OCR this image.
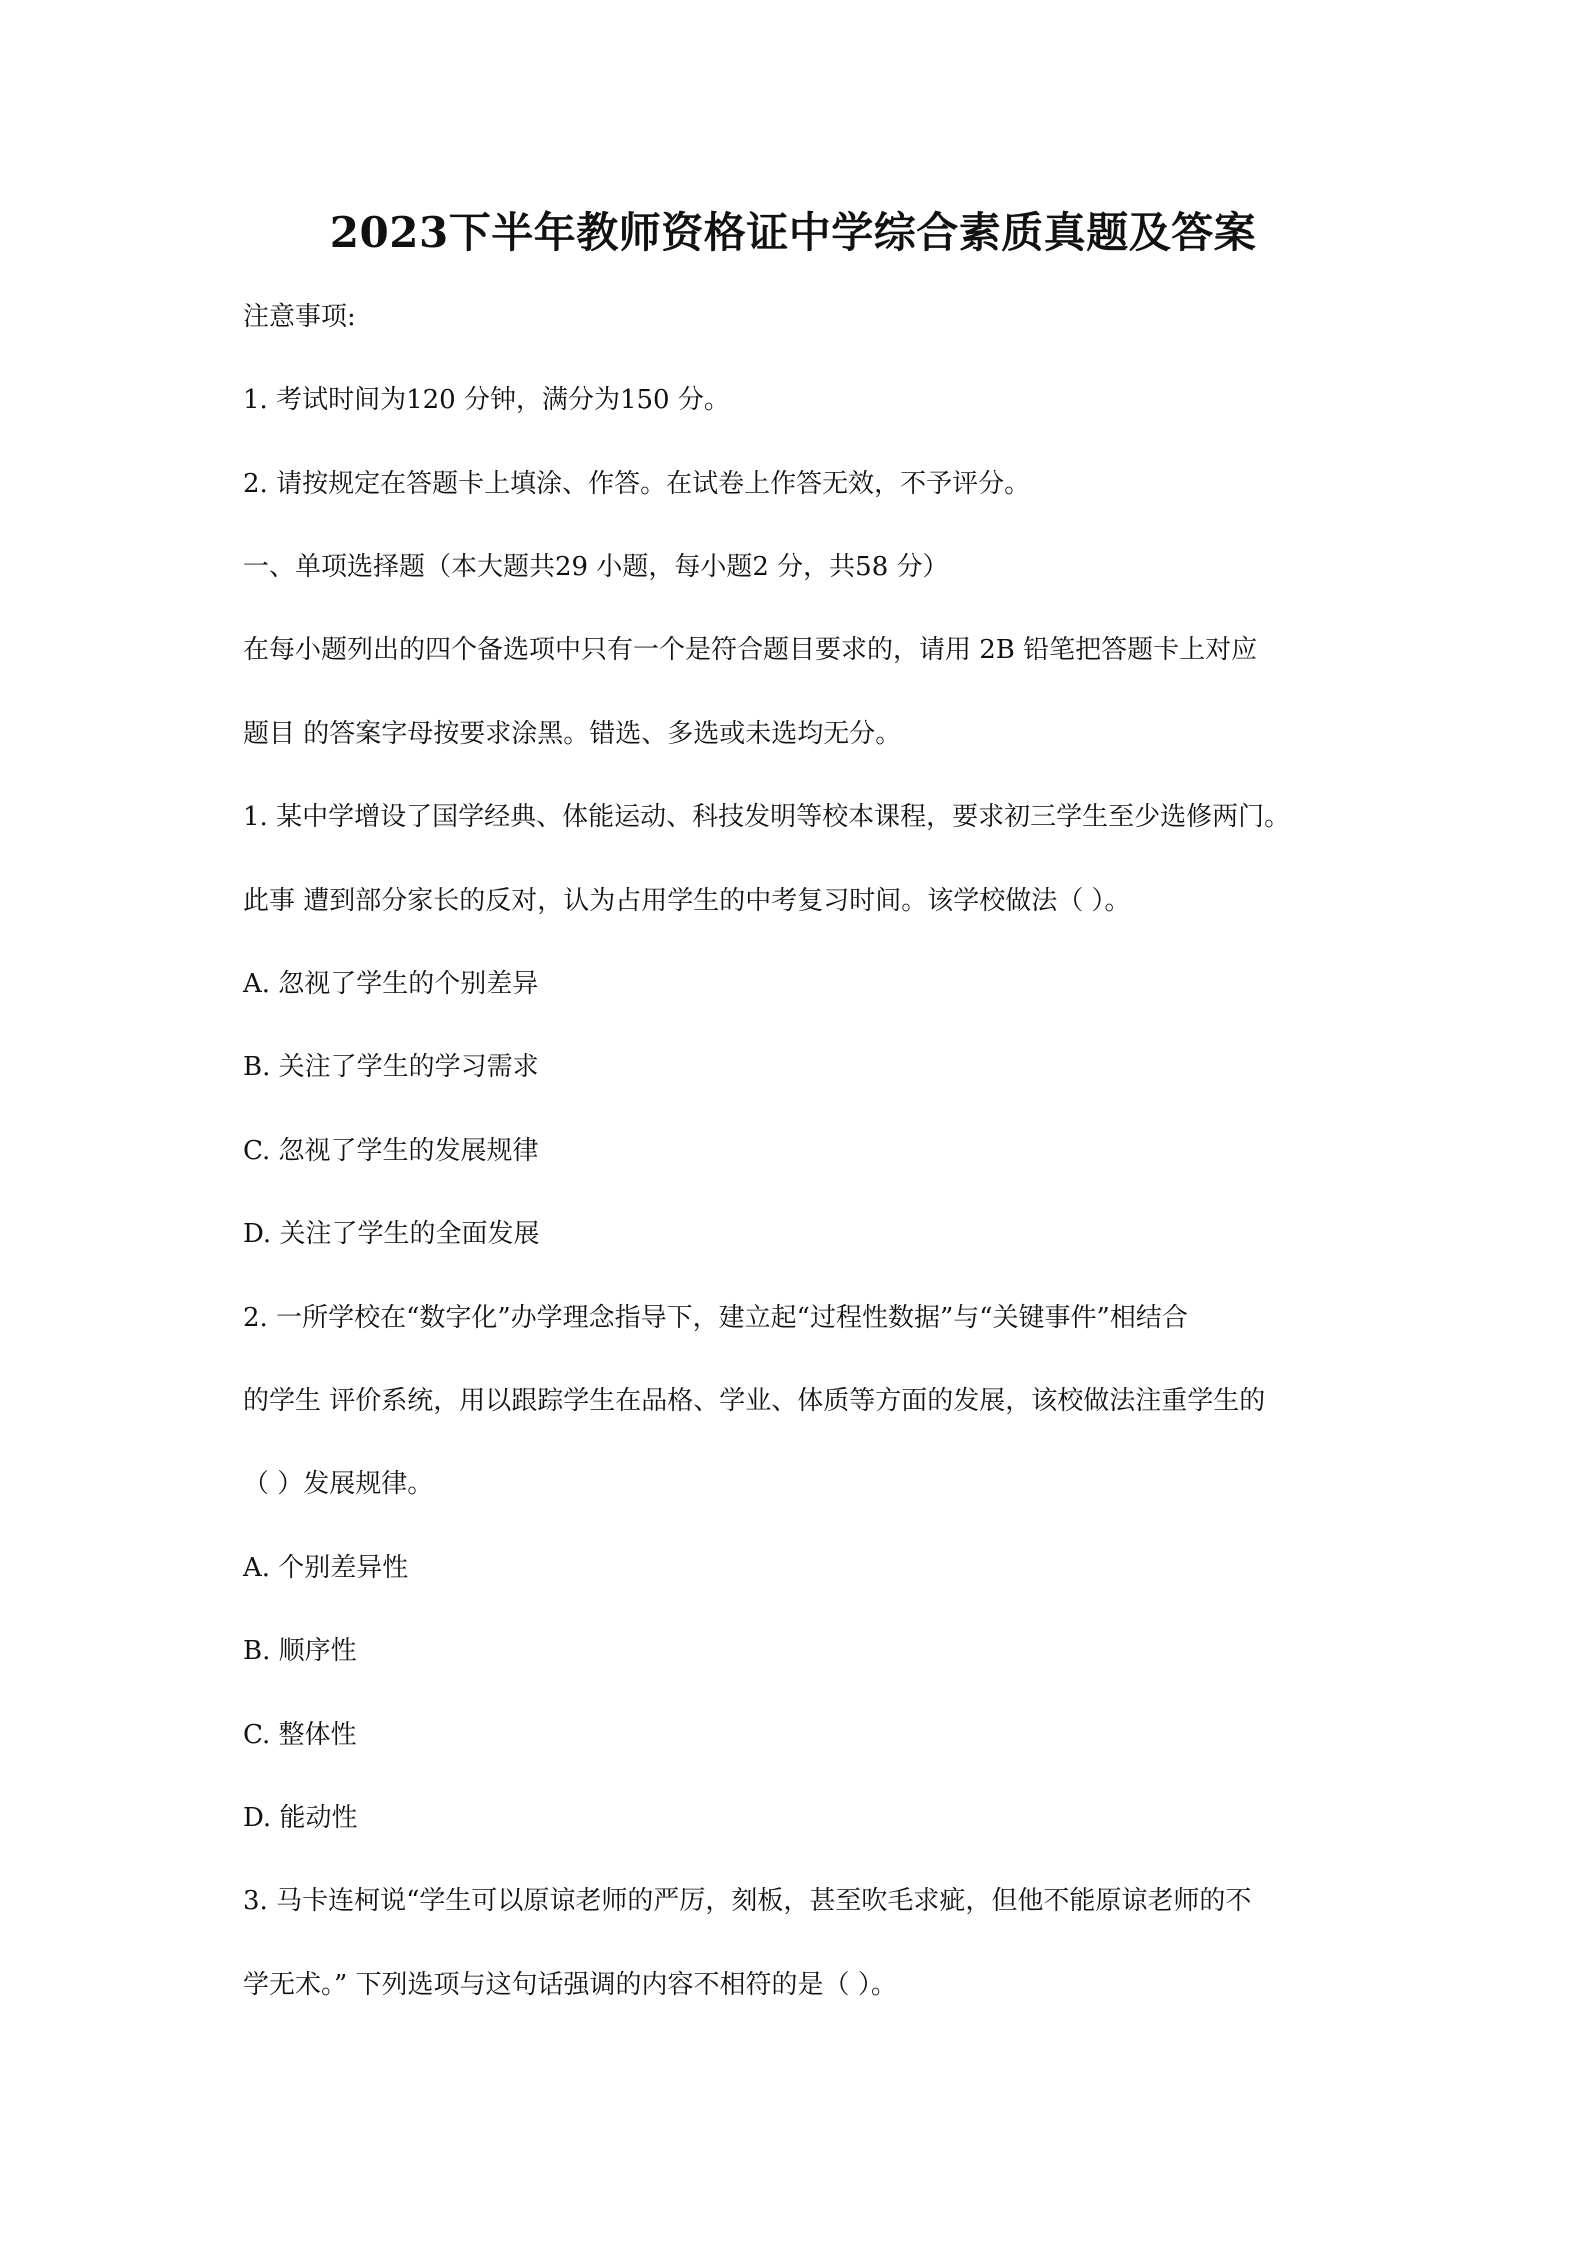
2023下半年教师资格证中学综合素质真题及答案
注意事项:
1. 考试时间为120 分钟，满分为150 分。
2. 请按规定在答题卡上填涂、作答。在试卷上作答无效，不予评分。
一、单项选择题（本大题共29 小题，每小题2 分，共58 分）
在每小题列出的四个备选项中只有一个是符合题目要求的，请用 2B 铅笔把答题卡上对应
题目 的答案字母按要求涂黑。错选、多选或未选均无分。
1. 某中学增设了国学经典、体能运动、科技发明等校本课程，要求初三学生至少选修两门。
此事 遭到部分家长的反对，认为占用学生的中考复习时间。该学校做法（ ）。
A. 忽视了学生的个别差异
B. 关注了学生的学习需求
C. 忽视了学生的发展规律
D. 关注了学生的全面发展
2. 一所学校在“数字化”办学理念指导下，建立起“过程性数据”与“关键事件”相结合
的学生 评价系统，用以跟踪学生在品格、学业、体质等方面的发展，该校做法注重学生的
（ ）发展规律。
A. 个别差异性
B. 顺序性
C. 整体性
D. 能动性
3. 马卡连柯说“学生可以原谅老师的严厉，刻板，甚至吹毛求疵，但他不能原谅老师的不
学无术。” 下列选项与这句话强调的内容不相符的是（ ）。
